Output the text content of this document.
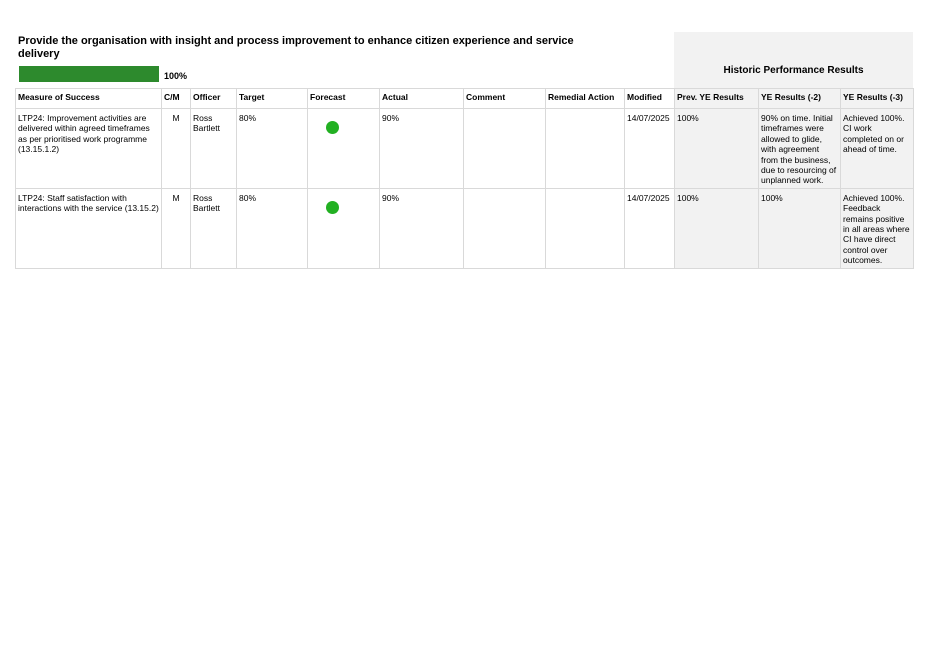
Historic Performance Results
Provide the organisation with insight and process improvement to enhance citizen experience and service delivery
100%
Measure of Success	C/M	Officer	Target	Forecast	Actual	Comment	Remedial Action	Modified	Prev. YE Results	YE Results (-2)	YE Results (-3)
LTP24: Improvement activities are delivered within agreed timeframes as per prioritised work programme (13.15.1.2)	M	Ross Bartlett	80%		90%			14/07/2025	100%	90% on time. Initial timeframes were allowed to glide, with agreement from the business, due to resourcing of unplanned work.	Achieved 100%. CI work completed on or ahead of time.
LTP24: Staff satisfaction with interactions with the service (13.15.2)	M	Ross Bartlett	80%		90%			14/07/2025	100%	100%	Achieved 100%. Feedback remains positive in all areas where CI have direct control over outcomes.
